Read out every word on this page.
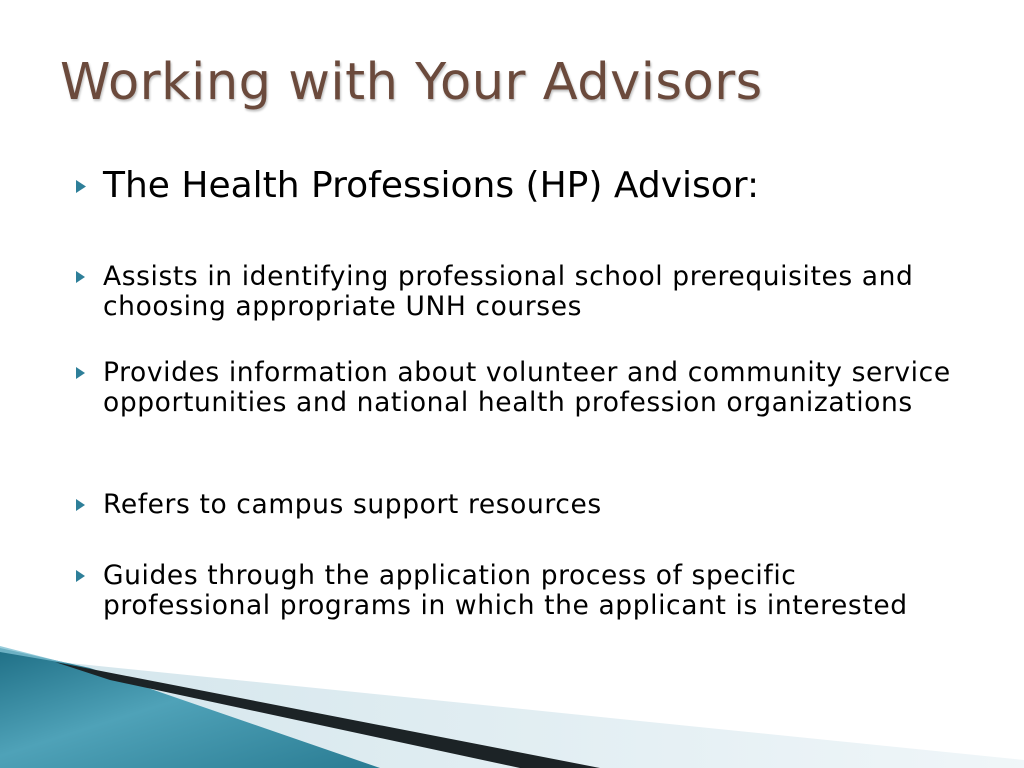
Working with Your Advisors
The Health Professions (HP) Advisor:
Assists in identifying professional school prerequisites and choosing appropriate UNH courses
Provides information about volunteer and community service opportunities and national health profession organizations
Refers to campus support resources
Guides through the application process of specific professional programs in which the applicant is interested
